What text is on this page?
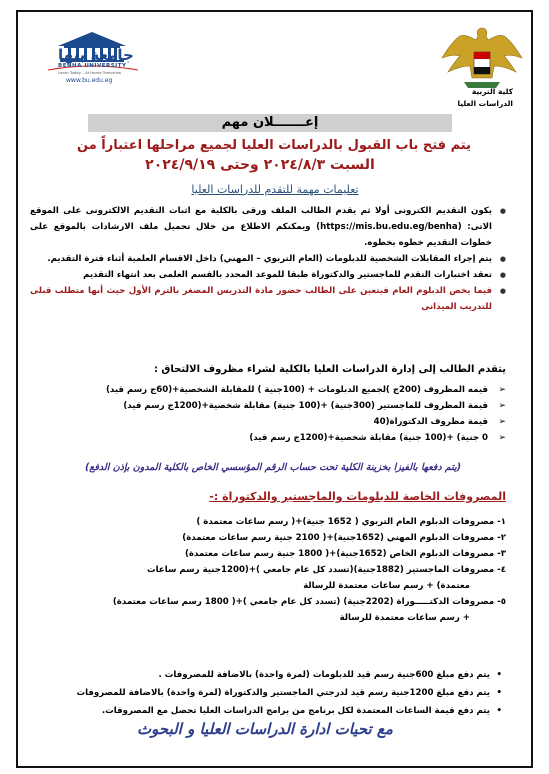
جامعة بنها
BENHA UNIVERSITY
Learn Today... At Home Tomorrow
www.bu.edu.eg
كلية التربية
الدراسات العليا
إعـــــــلان مهم
يتم فتح باب القبول بالدراسات العليا لجميع مراحلها اعتباراً من
السبت ٢٠٢٤/٨/٣ وحتى ٢٠٢٤/٩/١٩
تعليمات مهمة للتقدم للدراسات العليا
● يكون التقديم الكترونى أولا ثم يقدم الطالب الملف ورقى بالكلية مع اثبات التقديم الالكترونى على الموقع الاتى: (https://mis.bu.edu.eg/benha) ويمكنكم الاطلاع من خلال تحميل ملف الارشادات بالموقع على خطوات التقديم خطوه بخطوه.
● يتم إجراء المقابلات الشخصية للدبلومات (العام التربوي – المهني) داخل الاقسام العلمية أثناء فترة التقديم.
● تعقد اختبارات التقدم للماجستير والدكتوراة طبقا للموعد المحدد بالقسم العلمى بعد انتهاء التقديم
● فيما يخص الدبلوم العام فيتعين على الطالب حضور مادة التدريس المصغر بالترم الأول حيث أنها متطلب قبلى للتدريب الميدانى
يتقدم الطالب إلى إدارة الدراسات العليا بالكلية لشراء مظروف الالتحاق :
➢ قيمه المظروف (200ج )لجميع الدبلومات + (100جنية ) للمقابلة الشخصية+(60ج رسم قيد)
➢ قيمة المظروف للماجستير (300جنية) +(100 جنية) مقابلة شخصية+(1200ج رسم قيد)
➢ قيمة مظروف الدكتوراة(40
➢ 0 جنية) +(100 جنية) مقابلة شخصية+(1200ج رسم قيد)
(يتم دفعها بالفيزا بخزينة الكلية تحت حساب الرقم المؤسسي الخاص بالكلية المدون بإذن الدفع)
المصروفات الخاصة للدبلومات والماجستير والدكتوراة :-
١- مصروفات الدبلوم العام التربوي ( 1652 جنية)+( رسم ساعات معتمدة )
٢- مصروفات الدبلوم المهني (1652جنية)+( 2100 جنية رسم ساعات معتمدة)
٣- مصروفات الدبلوم الخاص (1652جنية)+( 1800 جنية رسم ساعات معتمدة)
٤- مصروفات الماجستير (1882جنية)(تسدد كل عام جامعي )+(1200جنية رسم ساعات
معتمدة) + رسم ساعات معتمدة للرسالة
٥- مصروفات الدكتـــــوراة (2202جنية) (تسدد كل عام جامعي )+( 1800 رسم ساعات معتمدة)
+ رسم ساعات معتمدة للرسالة
• يتم دفع مبلغ 600جنية رسم قيد للدبلومات (لمرة واحدة) بالاضافة للمصروفات .
• يتم دفع مبلغ 1200جنية رسم قيد لدرجتي الماجستير والدكتوراة (لمرة واحدة) بالاضافة للمصروفات
• يتم دفع قيمة الساعات المعتمدة لكل برنامج من برامج الدراسات العليا تحصل مع المصروفات.
مع تحيات ادارة الدراسات العليا و البحوث
